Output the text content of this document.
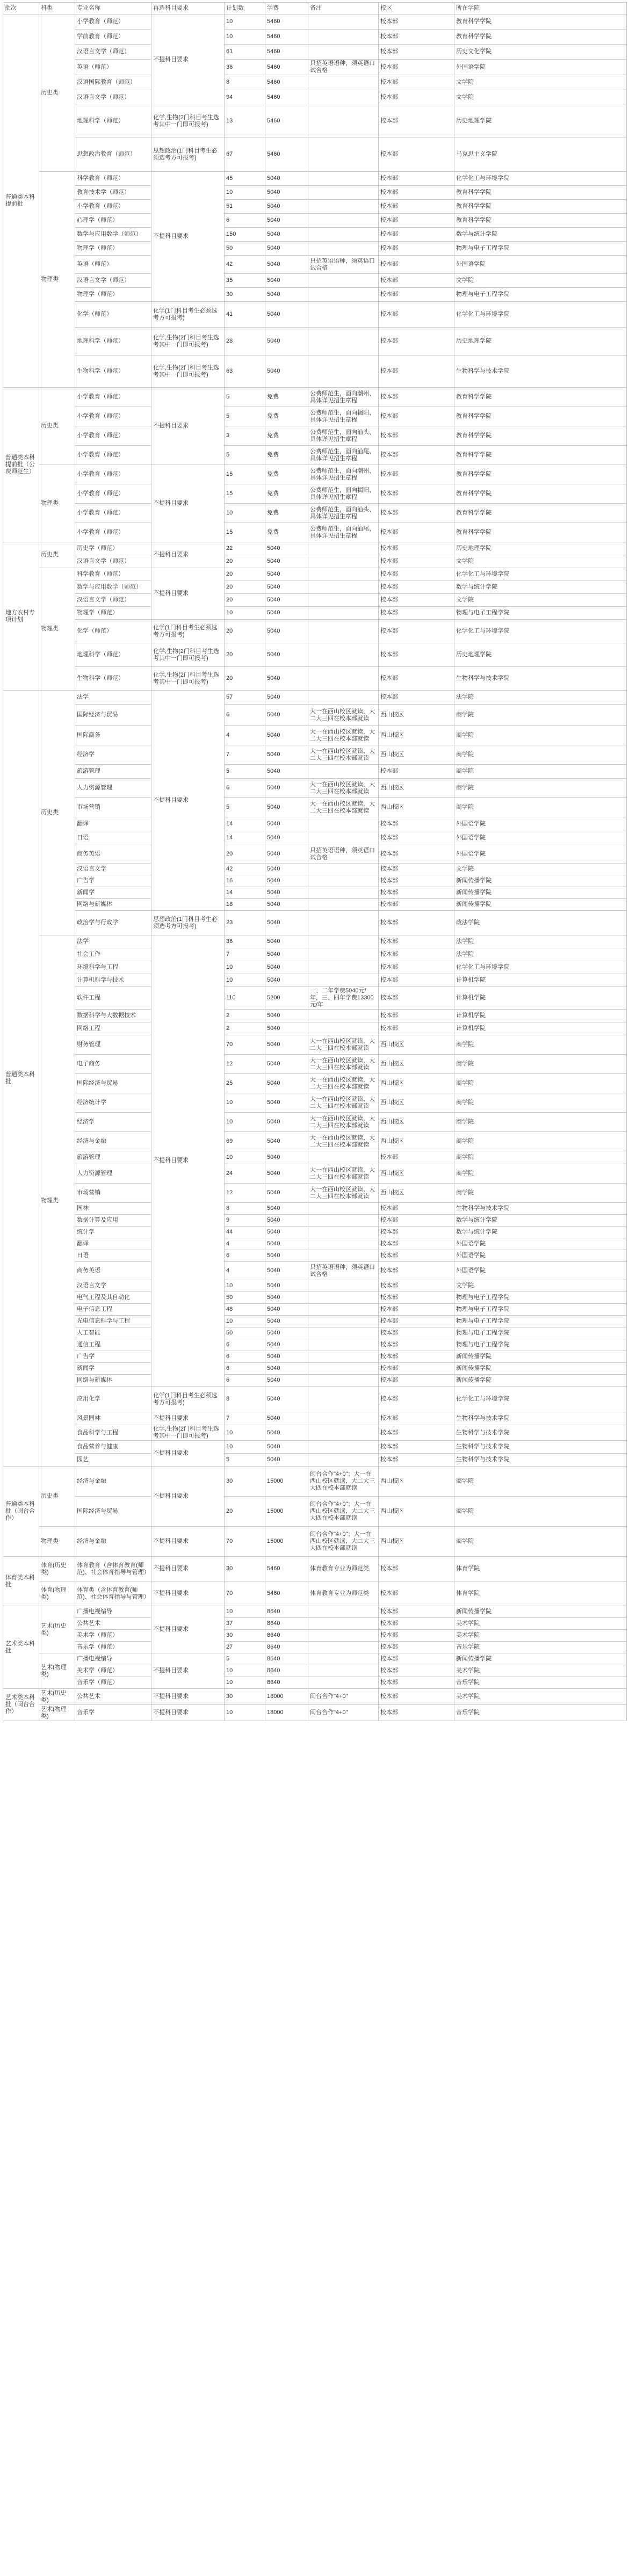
批次	科类	专业名称	再选科目要求	计划数	学费	备注	校区	所在学院
普通类本科提前批	历史类	小学教育（师范）	不提科目要求	10	5460		校本部	教育科学学院
		学前教育（师范）		10	5460		校本部	教育科学学院
		汉语言文学（师范）		61	5460		校本部	历史文化学院
		英语（师范）		36	5460	只招英语语种，须英语口试合格	校本部	外国语学院
		汉语国际教育（师范）		8	5460		校本部	文学院
		汉语言文学（师范）		94	5460		校本部	文学院
		地理科学（师范）	化学,生物(2门科目考生选考其中一门即可报考)	13	5460		校本部	历史地理学院
		思想政治教育（师范）	思想政治(1门科目考生必须选考方可报考)	67	5460		校本部	马克思主义学院
	物理类	科学教育（师范）	不提科目要求	45	5040		校本部	化学化工与环境学院
		教育技术学（师范）		10	5040		校本部	教育科学学院
		小学教育（师范）		51	5040		校本部	教育科学学院
		心理学（师范）		6	5040		校本部	教育科学学院
		数学与应用数学（师范）		150	5040		校本部	数学与统计学院
		物理学（师范）		50	5040		校本部	物理与电子工程学院
		英语（师范）		42	5040	只招英语语种，须英语口试合格	校本部	外国语学院
		汉语言文学（师范）		35	5040		校本部	文学院
		物理学（师范）		30	5040		校本部	物理与电子工程学院
		化学（师范）	化学(1门科目考生必须选考方可报考)	41	5040		校本部	化学化工与环境学院
		地理科学（师范）	化学,生物(2门科目考生选考其中一门即可报考)	28	5040		校本部	历史地理学院
		生物科学（师范）	化学,生物(2门科目考生选考其中一门即可报考)	63	5040		校本部	生物科学与技术学院
普通类本科提前批（公费师范生）	历史类	小学教育（师范）	不提科目要求	5	免费	公费师范生，面向潮州、具体详见招生章程	校本部	教育科学学院
		小学教育（师范）		5	免费	公费师范生，面向揭阳、具体详见招生章程	校本部	教育科学学院
		小学教育（师范）		3	免费	公费师范生，面向汕头、具体详见招生章程	校本部	教育科学学院
		小学教育（师范）		5	免费	公费师范生，面向汕尾、具体详见招生章程	校本部	教育科学学院
	物理类	小学教育（师范）	不提科目要求	15	免费	公费师范生，面向潮州、具体详见招生章程	校本部	教育科学学院
		小学教育（师范）		15	免费	公费师范生，面向揭阳、具体详见招生章程	校本部	教育科学学院
		小学教育（师范）		10	免费	公费师范生，面向汕头、具体详见招生章程	校本部	教育科学学院
		小学教育（师范）		15	免费	公费师范生，面向汕尾、具体详见招生章程	校本部	教育科学学院
地方农村专项计划	历史类	历史学（师范）	不提科目要求	22	5040		校本部	历史地理学院
		汉语言文学（师范）		20	5040		校本部	文学院
	物理类	科学教育（师范）	不提科目要求	20	5040		校本部	化学化工与环境学院
		数学与应用数学（师范）		20	5040		校本部	数学与统计学院
		汉语言文学（师范）		20	5040		校本部	文学院
		物理学（师范）		10	5040		校本部	物理与电子工程学院
		化学（师范）	化学(1门科目考生必须选考方可报考)	20	5040		校本部	化学化工与环境学院
		地理科学（师范）	化学,生物(2门科目考生选考其中一门即可报考)	20	5040		校本部	历史地理学院
		生物科学（师范）	化学,生物(2门科目考生选考其中一门即可报考)	20	5040		校本部	生物科学与技术学院
普通类本科批	历史类	法学	不提科目要求	57	5040		校本部	法学院
		国际经济与贸易		6	5040	大一在西山校区就读，大二大三四在校本部就读	西山校区	商学院
		国际商务		4	5040	大一在西山校区就读，大二大三四在校本部就读	西山校区	商学院
		经济学		7	5040	大一在西山校区就读，大二大三四在校本部就读	西山校区	商学院
		旅游管理		5	5040		校本部	商学院
		人力资源管理		6	5040	大一在西山校区就读，大二大三四在校本部就读	西山校区	商学院
		市场营销		5	5040	大一在西山校区就读，大二大三四在校本部就读	西山校区	商学院
		翻译		14	5040		校本部	外国语学院
		日语		14	5040		校本部	外国语学院
		商务英语		20	5040	只招英语语种，须英语口试合格	校本部	外国语学院
		汉语言文学		42	5040		校本部	文学院
		广告学		16	5040		校本部	新闻传播学院
		新闻学		14	5040		校本部	新闻传播学院
		网络与新媒体		18	5040		校本部	新闻传播学院
		政治学与行政学	思想政治(1门科目考生必须选考方可报考)	23	5040		校本部	政法学院
	物理类	法学	不提科目要求	36	5040		校本部	法学院
		社会工作		7	5040		校本部	法学院
		环境科学与工程		10	5040		校本部	化学化工与环境学院
		计算机科学与技术		10	5040		校本部	计算机学院
		软件工程		110	5200	一、二年学费5040元/年，三、四年学费13300元/年	校本部	计算机学院
		数据科学与大数据技术		2	5040		校本部	计算机学院
		网络工程		2	5040		校本部	计算机学院
		财务管理		70	5040	大一在西山校区就读，大二大三四在校本部就读	西山校区	商学院
		电子商务		12	5040	大一在西山校区就读，大二大三四在校本部就读	西山校区	商学院
		国际经济与贸易		25	5040	大一在西山校区就读，大二大三四在校本部就读	西山校区	商学院
		经济统计学		10	5040	大一在西山校区就读，大二大三四在校本部就读	西山校区	商学院
		经济学		10	5040	大一在西山校区就读，大二大三四在校本部就读	西山校区	商学院
		经济与金融		69	5040	大一在西山校区就读，大二大三四在校本部就读	西山校区	商学院
		旅游管理		10	5040		校本部	商学院
		人力资源管理		24	5040	大一在西山校区就读，大二大三四在校本部就读	西山校区	商学院
		市场营销		12	5040	大一在西山校区就读，大二大三四在校本部就读	西山校区	商学院
		园林		8	5040		校本部	生物科学与技术学院
		数据计算及应用		9	5040		校本部	数学与统计学院
		统计学		44	5040		校本部	数学与统计学院
		翻译		4	5040		校本部	外国语学院
		日语		6	5040		校本部	外国语学院
		商务英语		4	5040	只招英语语种，须英语口试合格	校本部	外国语学院
		汉语言文学		10	5040		校本部	文学院
		电气工程及其自动化		50	5040		校本部	物理与电子工程学院
		电子信息工程		48	5040		校本部	物理与电子工程学院
		光电信息科学与工程		10	5040		校本部	物理与电子工程学院
		人工智能		50	5040		校本部	物理与电子工程学院
		通信工程		6	5040		校本部	物理与电子工程学院
		广告学		6	5040		校本部	新闻传播学院
		新闻学		6	5040		校本部	新闻传播学院
		网络与新媒体		6	5040		校本部	新闻传播学院
		应用化学	化学(1门科目考生必须选考方可报考)	8	5040		校本部	化学化工与环境学院
		风景园林	不提科目要求	7	5040		校本部	生物科学与技术学院
		食品科学与工程	化学,生物(2门科目考生选考其中一门即可报考)	10	5040		校本部	生物科学与技术学院
		食品营养与健康	不提科目要求	10	5040		校本部	生物科学与技术学院
		园艺		5	5040		校本部	生物科学与技术学院
普通类本科批（闽台合作）	历史类	经济与金融	不提科目要求	30	15000	闽台合作"4+0"；大一在西山校区就读，大二大三大四在校本部就读	西山校区	商学院
		国际经济与贸易		20	15000	闽台合作"4+0"；大一在西山校区就读，大二大三大四在校本部就读	西山校区	商学院
	物理类	经济与金融	不提科目要求	70	15000	闽台合作"4+0"；大一在西山校区就读，大二大三大四在校本部就读	西山校区	商学院
体育类本科批	体育(历史类)	体育教育（含体育教育(师范)、社会体育指导与管理）	不提科目要求	30	5460	体育教育专业为师范类	校本部	体育学院
	体育(物理类)	体育类（含体育教育(师范)、社会体育指导与管理）	不提科目要求	70	5460	体育教育专业为师范类	校本部	体育学院
艺术类本科批	艺术(历史类)	广播电视编导	不提科目要求	10	8640		校本部	新闻传播学院
		公共艺术		37	8640		校本部	美术学院
		美术学（师范）		30	8640		校本部	美术学院
		音乐学（师范）		27	8640		校本部	音乐学院
	艺术(物理类)	广播电视编导	不提科目要求	5	8640		校本部	新闻传播学院
		美术学（师范）		10	8640		校本部	美术学院
		音乐学（师范）		10	8640		校本部	音乐学院
艺术类本科批（闽台合作）	艺术(历史类)	公共艺术	不提科目要求	30	18000	闽台合作"4+0"	校本部	美术学院
	艺术(物理类)	音乐学	不提科目要求	10	18000	闽台合作"4+0"	校本部	音乐学院
